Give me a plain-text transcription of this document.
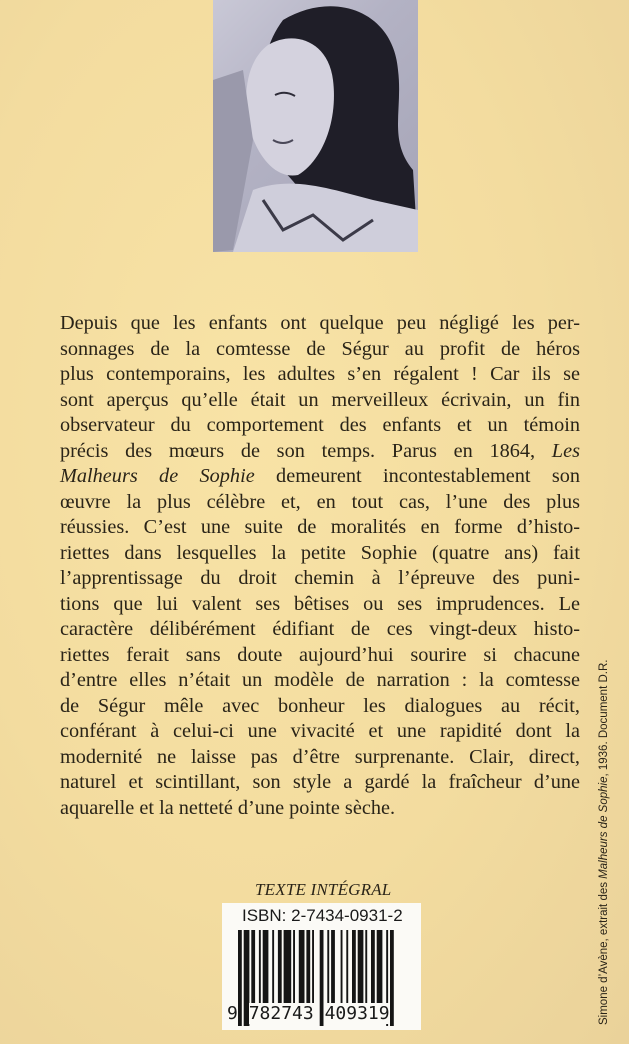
Depuis que les enfants ont quelque peu négligé les per-
sonnages de la comtesse de Ségur au profit de héros
plus contemporains, les adultes s’en régalent ! Car ils se
sont aperçus qu’elle était un merveilleux écrivain, un fin
observateur du comportement des enfants et un témoin
précis des mœurs de son temps. Parus en 1864, Les
Malheurs de Sophie demeurent incontestablement son
œuvre la plus célèbre et, en tout cas, l’une des plus
réussies. C’est une suite de moralités en forme d’histo-
riettes dans lesquelles la petite Sophie (quatre ans) fait
l’apprentissage du droit chemin à l’épreuve des puni-
tions que lui valent ses bêtises ou ses imprudences. Le
caractère délibérément édifiant de ces vingt-deux histo-
riettes ferait sans doute aujourd’hui sourire si chacune
d’entre elles n’était un modèle de narration : la comtesse
de Ségur mêle avec bonheur les dialogues au récit,
conférant à celui-ci une vivacité et une rapidité dont la
modernité ne laisse pas d’être surprenante. Clair, direct,
naturel et scintillant, son style a gardé la fraîcheur d’une
aquarelle et la netteté d’une pointe sèche.
TEXTE INTÉGRAL
ISBN: 2-7434-0931-2
9 782743 409319	Simone d’Avène, extrait des Malheurs de Sophie, 1936. Document D.R.
